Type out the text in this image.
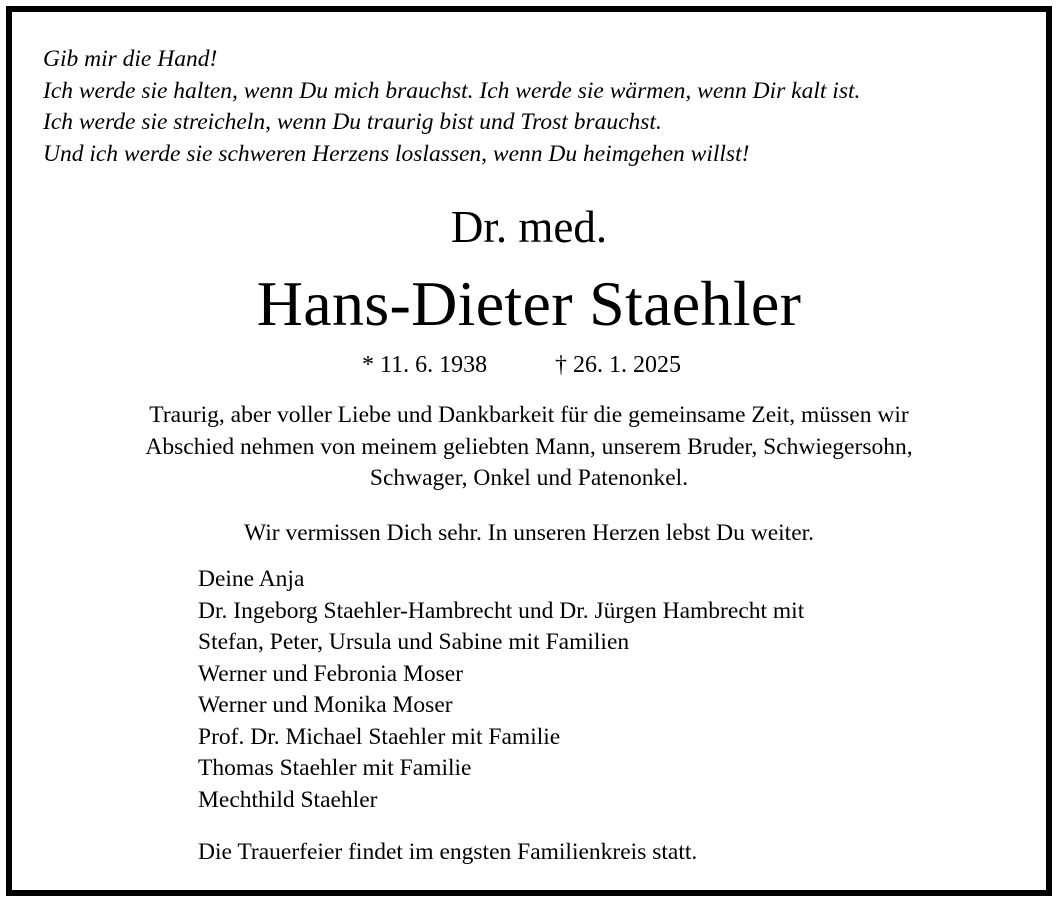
Gib mir die Hand!
Ich werde sie halten, wenn Du mich brauchst. Ich werde sie wärmen, wenn Dir kalt ist.
Ich werde sie streicheln, wenn Du traurig bist und Trost brauchst.
Und ich werde sie schweren Herzens loslassen, wenn Du heimgehen willst!
Dr. med.
Hans-Dieter Staehler
* 11. 6. 1938	† 26. 1. 2025
Traurig, aber voller Liebe und Dankbarkeit für die gemeinsame Zeit, müssen wir
Abschied nehmen von meinem geliebten Mann, unserem Bruder, Schwiegersohn,
Schwager, Onkel und Patenonkel.
Wir vermissen Dich sehr. In unseren Herzen lebst Du weiter.
Deine Anja
Dr. Ingeborg Staehler-Hambrecht und Dr. Jürgen Hambrecht mit
Stefan, Peter, Ursula und Sabine mit Familien
Werner und Febronia Moser
Werner und Monika Moser
Prof. Dr. Michael Staehler mit Familie
Thomas Staehler mit Familie
Mechthild Staehler
Die Trauerfeier findet im engsten Familienkreis statt.
